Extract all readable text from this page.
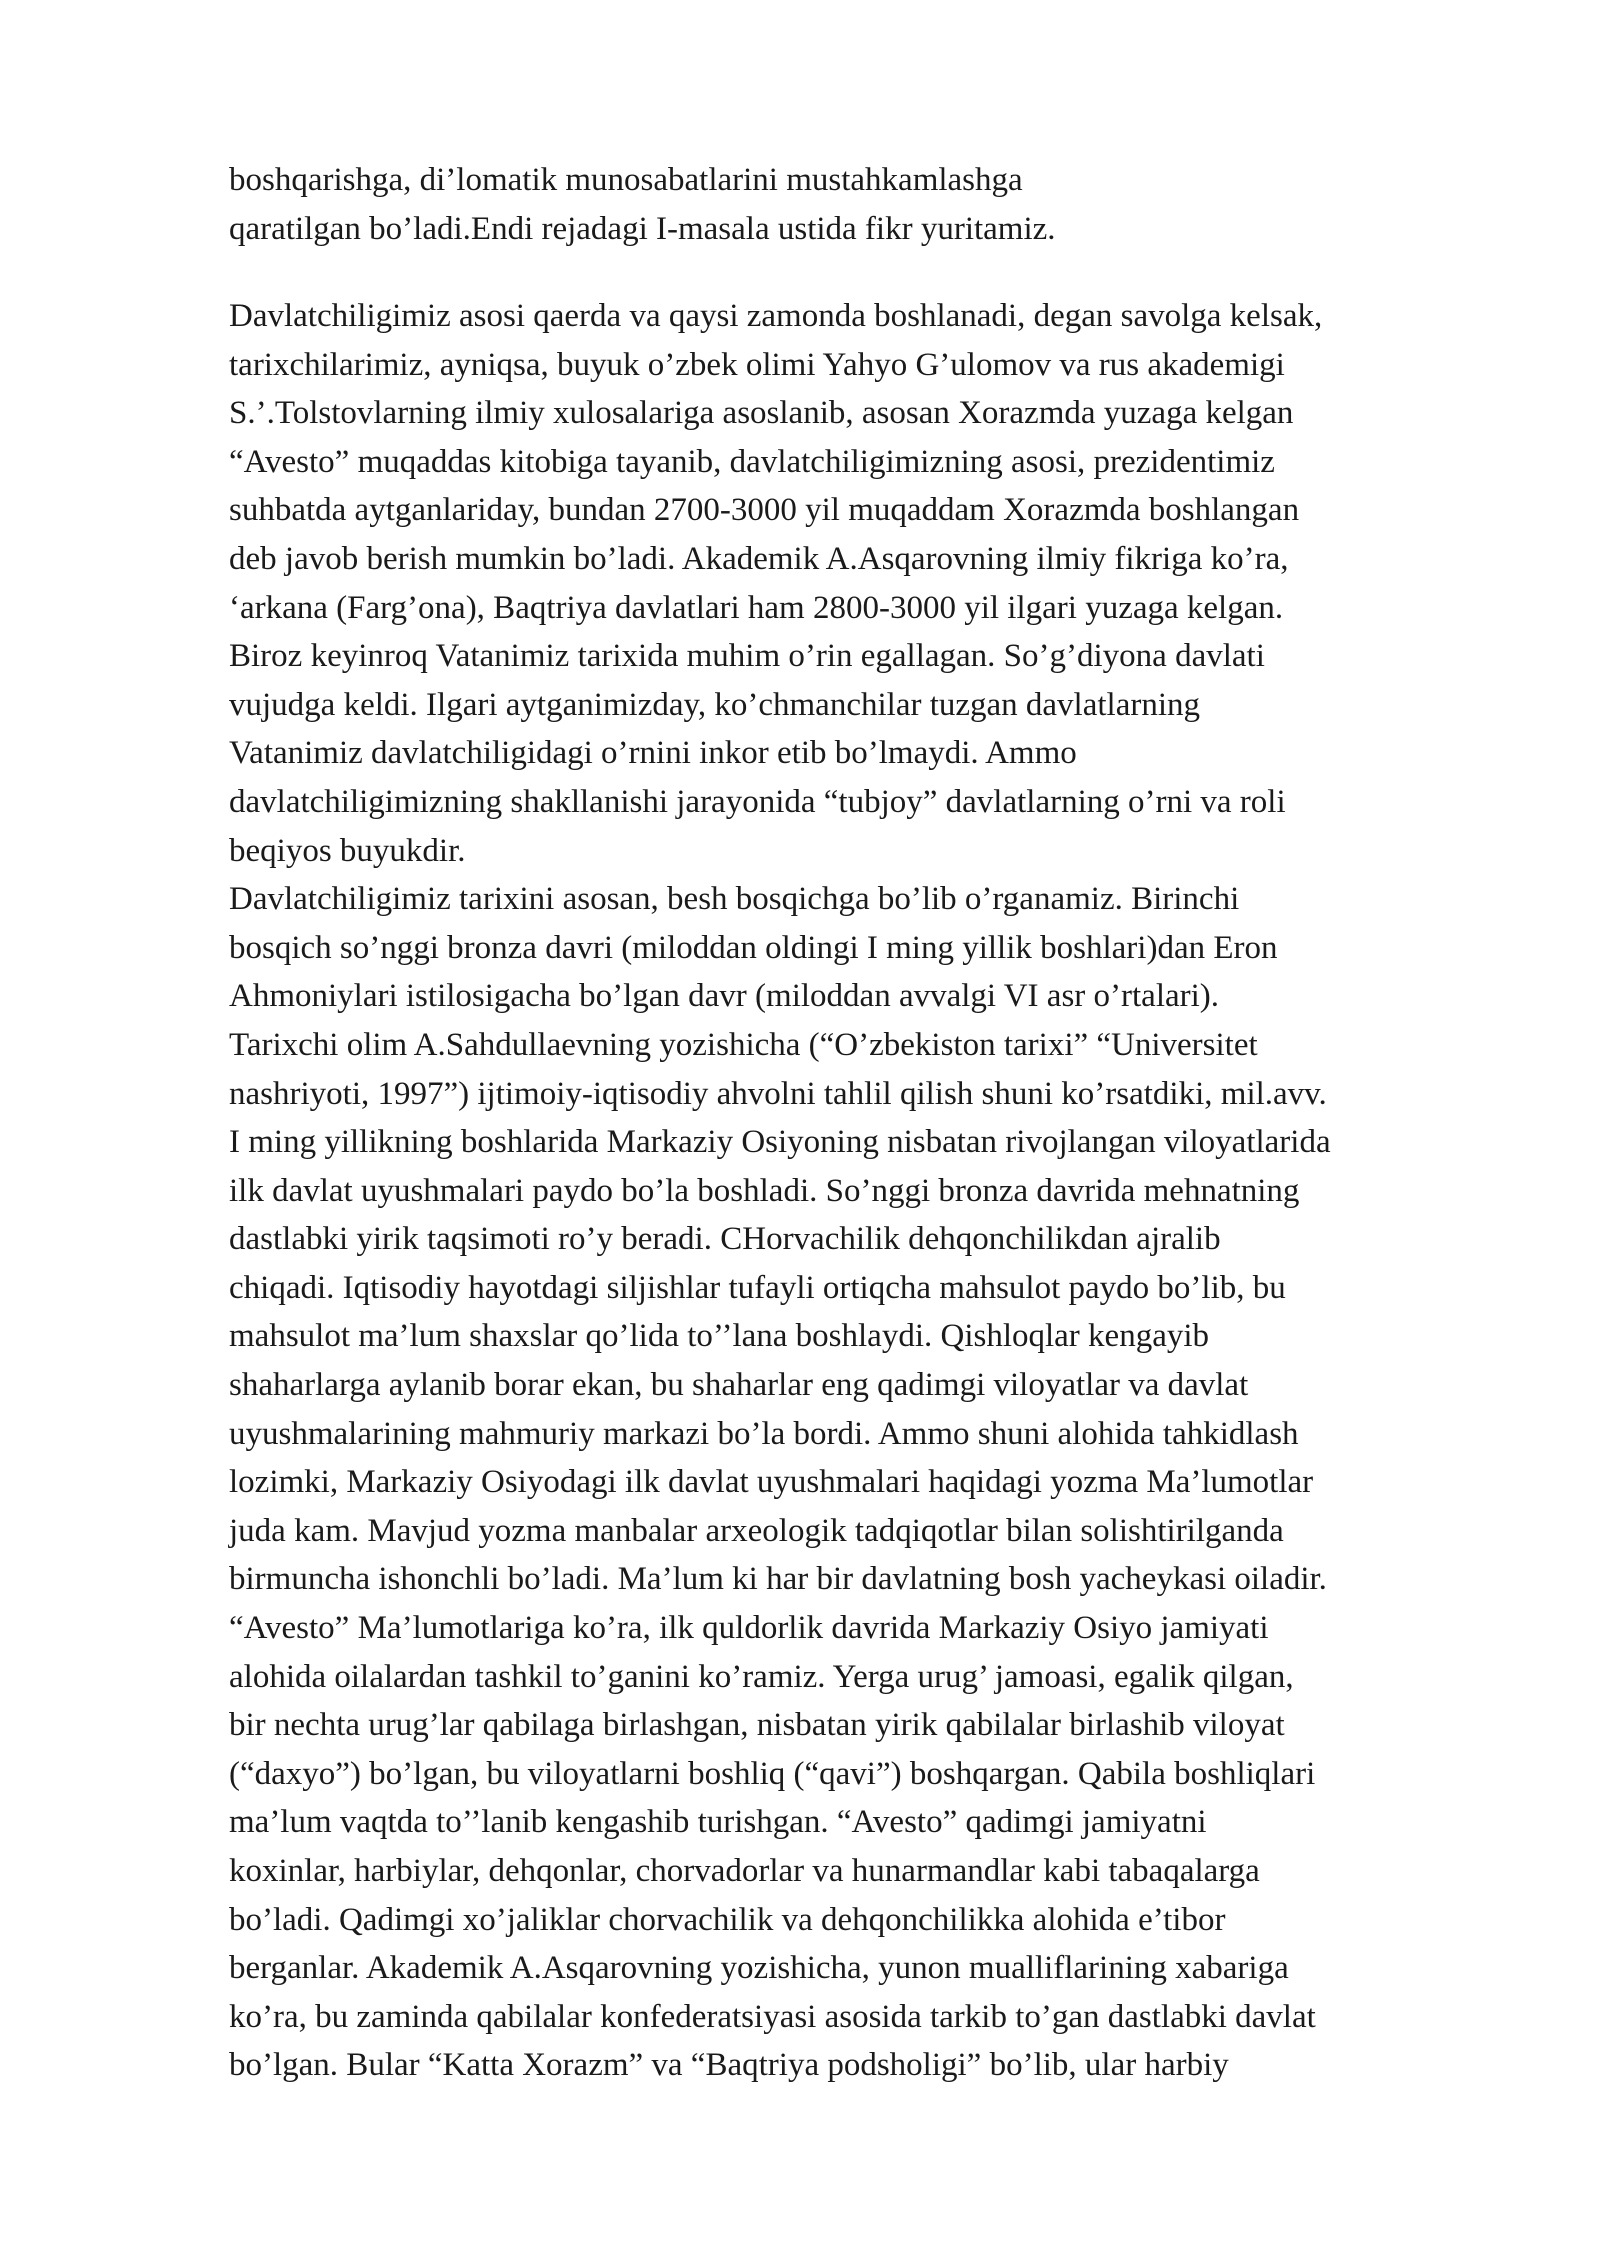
boshqarishga, di’lomatik munosabatlarini mustahkamlashga
qaratilgan bo’ladi.Endi rejadagi I-masala ustida fikr yuritamiz.
Davlatchiligimiz asosi qaerda va qaysi zamonda boshlanadi, degan savolga kelsak,
tarixchilarimiz, ayniqsa, buyuk o’zbek olimi Yahyo G’ulomov va rus akademigi
S.’.Tolstovlarning ilmiy xulosalariga asoslanib, asosan Xorazmda yuzaga kelgan
“Avesto” muqaddas kitobiga tayanib, davlatchiligimizning asosi, prezidentimiz
suhbatda aytganlariday, bundan 2700-3000 yil muqaddam Xorazmda boshlangan
deb javob berish mumkin bo’ladi. Akademik A.Asqarovning ilmiy fikriga ko’ra,
‘arkana (Farg’ona), Baqtriya davlatlari ham 2800-3000 yil ilgari yuzaga kelgan.
Biroz keyinroq Vatanimiz tarixida muhim o’rin egallagan. So’g’diyona davlati
vujudga keldi. Ilgari aytganimizday, ko’chmanchilar tuzgan davlatlarning
Vatanimiz davlatchiligidagi o’rnini inkor etib bo’lmaydi. Ammo
davlatchiligimizning shakllanishi jarayonida “tubjoy” davlatlarning o’rni va roli
beqiyos buyukdir.
Davlatchiligimiz tarixini asosan, besh bosqichga bo’lib o’rganamiz. Birinchi
bosqich so’nggi bronza davri (miloddan oldingi I ming yillik boshlari)dan Eron
Ahmoniylari istilosigacha bo’lgan davr (miloddan avvalgi VI asr o’rtalari).
Tarixchi olim A.Sahdullaevning yozishicha (“O’zbekiston tarixi” “Universitet
nashriyoti, 1997”) ijtimoiy-iqtisodiy ahvolni tahlil qilish shuni ko’rsatdiki, mil.avv.
I ming yillikning boshlarida Markaziy Osiyoning nisbatan rivojlangan viloyatlarida
ilk davlat uyushmalari paydo bo’la boshladi. So’nggi bronza davrida mehnatning
dastlabki yirik taqsimoti ro’y beradi. CHorvachilik dehqonchilikdan ajralib
chiqadi. Iqtisodiy hayotdagi siljishlar tufayli ortiqcha mahsulot paydo bo’lib, bu
mahsulot ma’lum shaxslar qo’lida to’’lana boshlaydi. Qishloqlar kengayib
shaharlarga aylanib borar ekan, bu shaharlar eng qadimgi viloyatlar va davlat
uyushmalarining mahmuriy markazi bo’la bordi. Ammo shuni alohida tahkidlash
lozimki, Markaziy Osiyodagi ilk davlat uyushmalari haqidagi yozma Ma’lumotlar
juda kam. Mavjud yozma manbalar arxeologik tadqiqotlar bilan solishtirilganda
birmuncha ishonchli bo’ladi. Ma’lum ki har bir davlatning bosh yacheykasi oiladir.
“Avesto” Ma’lumotlariga ko’ra, ilk quldorlik davrida Markaziy Osiyo jamiyati
alohida oilalardan tashkil to’ganini ko’ramiz. Yerga urug’ jamoasi, egalik qilgan,
bir nechta urug’lar qabilaga birlashgan, nisbatan yirik qabilalar birlashib viloyat
(“daxyo”) bo’lgan, bu viloyatlarni boshliq (“qavi”) boshqargan. Qabila boshliqlari
ma’lum vaqtda to’’lanib kengashib turishgan. “Avesto” qadimgi jamiyatni
koxinlar, harbiylar, dehqonlar, chorvadorlar va hunarmandlar kabi tabaqalarga
bo’ladi. Qadimgi xo’jaliklar chorvachilik va dehqonchilikka alohida e’tibor
berganlar. Akademik A.Asqarovning yozishicha, yunon mualliflarining xabariga
ko’ra, bu zaminda qabilalar konfederatsiyasi asosida tarkib to’gan dastlabki davlat
bo’lgan. Bular “Katta Xorazm” va “Baqtriya podsholigi” bo’lib, ular harbiy
